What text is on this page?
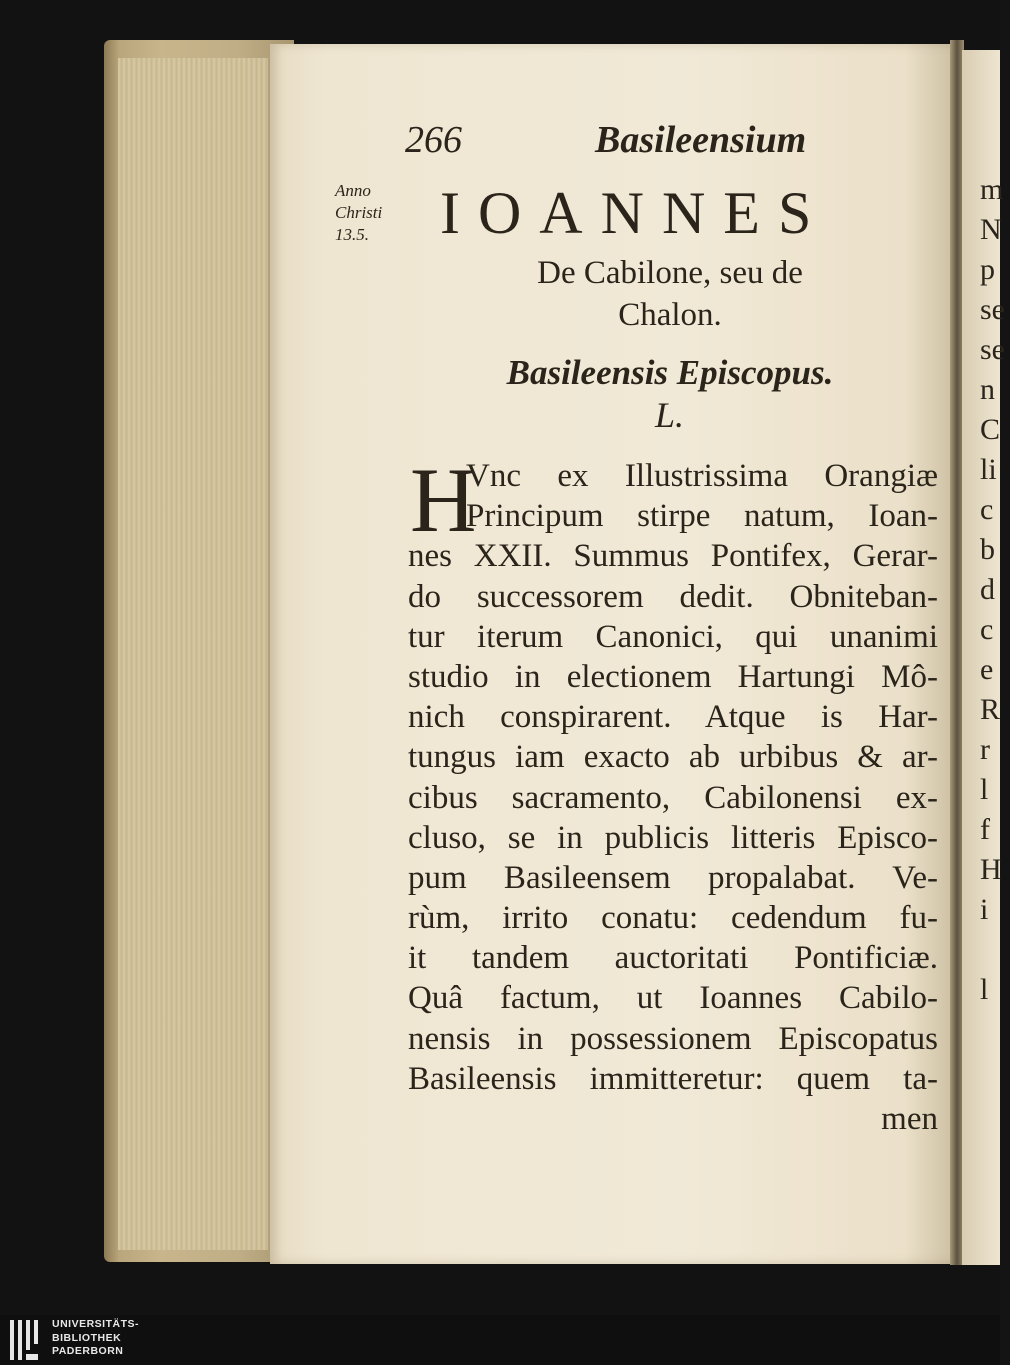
m
N
p
se
se
n
C
li
c
b
d
c
e
R
r
l
f
H
i
l
266	Basileensium
Anno
Christi
13.5.	IOANNES
De Cabilone, seu de
Chalon.
Basileensis Episcopus.
L.
H
Vnc ex Illustrissima Orangiæ
Principum stirpe natum, Ioan-
nes XXII. Summus Pontifex, Gerar-
do successorem dedit. Obniteban-
tur iterum Canonici, qui unanimi
studio in electionem Hartungi Mô-
nich conspirarent. Atque is Har-
tungus iam exacto ab urbibus & ar-
cibus sacramento, Cabilonensi ex-
cluso, se in publicis litteris Episco-
pum Basileensem propalabat. Ve-
rùm, irrito conatu: cedendum fu-
it tandem auctoritati Pontificiæ.
Quâ factum, ut Ioannes Cabilo-
nensis in possessionem Episcopatus
Basileensis immitteretur: quem ta-
men
UNIVERSITÄTS-
BIBLIOTHEK
PADERBORN
